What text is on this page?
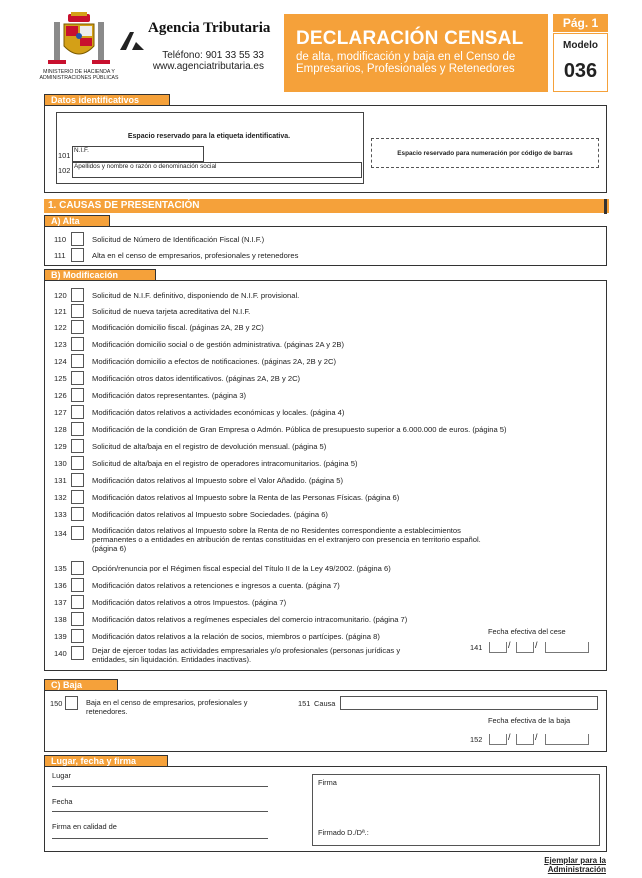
MINISTERIO DE HACIENDA Y ADMINISTRACIONES PÚBLICAS
Agencia Tributaria
Teléfono: 901 33 55 33
www.agenciatributaria.es
DECLARACIÓN CENSAL
de alta, modificación y baja en el Censo de
Empresarios, Profesionales y Retenedores
Pág. 1
Modelo
036
Datos identificativos
Espacio reservado para la etiqueta identificativa.
101
N.I.F.
102 Apellidos y nombre o razón o denominación social
Espacio reservado para numeración por código de barras
1. CAUSAS DE PRESENTACIÓN
A) Alta
110	Solicitud de Número de Identificación Fiscal (N.I.F.)
111	Alta en el censo de empresarios, profesionales y retenedores
B) Modificación
120	Solicitud de N.I.F. definitivo, disponiendo de N.I.F. provisional.
121	Solicitud de nueva tarjeta acreditativa del N.I.F.
122	Modificación domicilio fiscal. (páginas 2A, 2B y 2C)
123	Modificación domicilio social o de gestión administrativa. (páginas 2A y 2B)
124	Modificación domicilio a efectos de notificaciones. (páginas 2A, 2B y 2C)
125	Modificación otros datos identificativos. (páginas 2A, 2B y 2C)
126	Modificación datos representantes. (página 3)
127	Modificación datos relativos a actividades económicas y locales. (página 4)
128	Modificación de la condición de Gran Empresa o Admón. Pública de presupuesto superior a 6.000.000 de euros. (página 5)
129	Solicitud de alta/baja en el registro de devolución mensual. (página 5)
130	Solicitud de alta/baja en el registro de operadores intracomunitarios. (página 5)
131	Modificación datos relativos al Impuesto sobre el Valor Añadido. (página 5)
132	Modificación datos relativos al Impuesto sobre la Renta de las Personas Físicas. (página 6)
133	Modificación datos relativos al Impuesto sobre Sociedades. (página 6)
134	Modificación datos relativos al Impuesto sobre la Renta de no Residentes correspondiente a establecimientos permanentes o a entidades en atribución de rentas constituidas en el extranjero con presencia en territorio español. (página 6)
135	Opción/renuncia por el Régimen fiscal especial del Título II de la Ley 49/2002. (página 6)
136	Modificación datos relativos a retenciones e ingresos a cuenta. (página 7)
137	Modificación datos relativos a otros Impuestos. (página 7)
138	Modificación datos relativos a regímenes especiales del comercio intracomunitario. (página 7)
139	Modificación datos relativos a la relación de socios, miembros o partícipes. (página 8)
140	Dejar de ejercer todas las actividades empresariales y/o profesionales (personas jurídicas y entidades, sin liquidación. Entidades inactivas).
Fecha efectiva del cese
141	/	/
C) Baja
150	Baja en el censo de empresarios, profesionales y retenedores.
151 Causa
Fecha efectiva de la baja
152	/	/
Lugar, fecha y firma
Lugar
Fecha
Firma en calidad de
Firma
Firmado D./Dª.:
Ejemplar para la Administración
